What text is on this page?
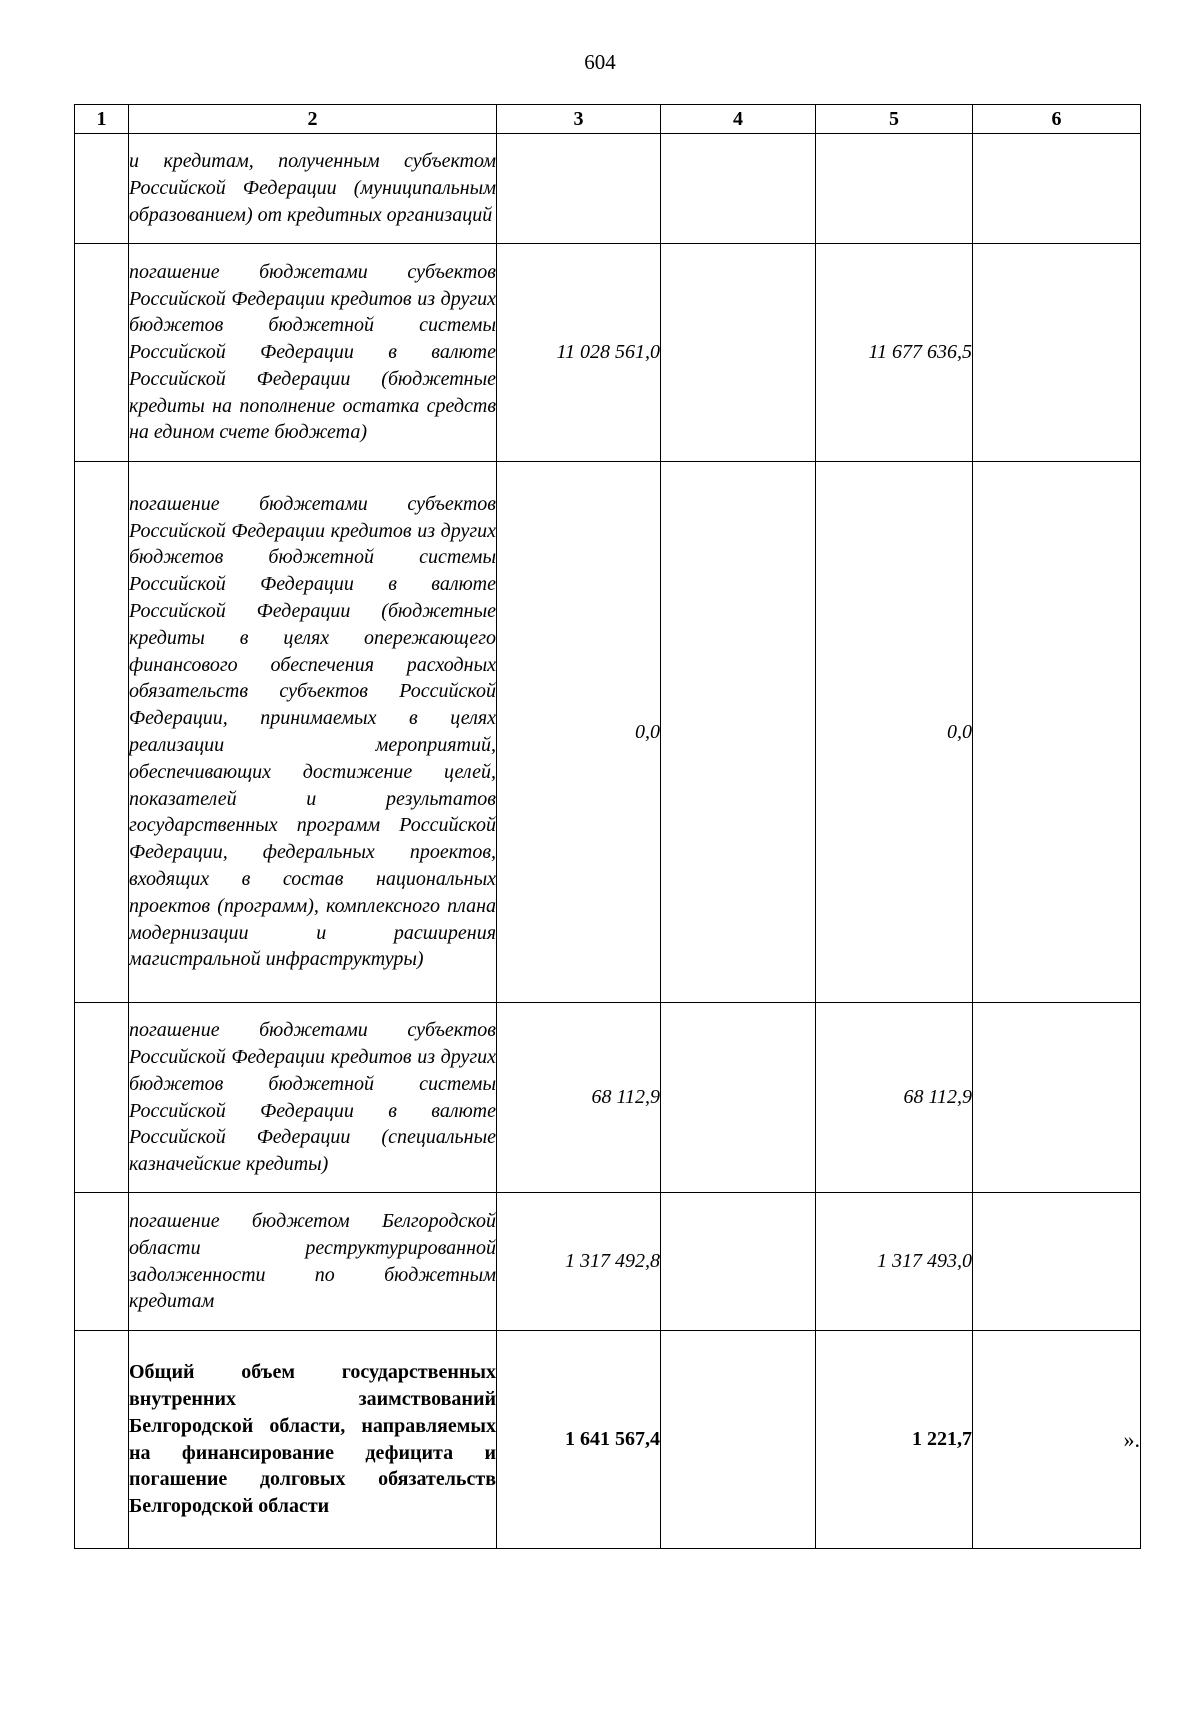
604
1	2	3	4	5	6
	и кредитам, полученным субъектом Российской Федерации (муниципальным образованием) от кредитных организаций				
	погашение бюджетами субъектов Российской Федерации кредитов из других бюджетов бюджетной системы Российской Федерации в валюте Российской Федерации (бюджетные кредиты на пополнение остатка средств на едином счете бюджета)	11 028 561,0		11 677 636,5	
	погашение бюджетами субъектов Российской Федерации кредитов из других бюджетов бюджетной системы Российской Федерации в валюте Российской Федерации (бюджетные кредиты в целях опережающего финансового обеспечения расходных обязательств субъектов Российской Федерации, принимаемых в целях реализации мероприятий, обеспечивающих достижение целей, показателей и результатов государственных программ Российской Федерации, федеральных проектов, входящих в состав национальных проектов (программ), комплексного плана модернизации и расширения магистральной инфраструктуры)	0,0		0,0	
	погашение бюджетами субъектов Российской Федерации кредитов из других бюджетов бюджетной системы Российской Федерации в валюте Российской Федерации (специальные казначейские кредиты)	68 112,9		68 112,9	
	погашение бюджетом Белгородской области реструктурированной задолженности по бюджетным кредитам	1 317 492,8		1 317 493,0	
	Общий объем государственных внутренних заимствований Белгородской области, направляемых на финансирование дефицита и погашение долговых обязательств Белгородской области	1 641 567,4		1 221,7	».
